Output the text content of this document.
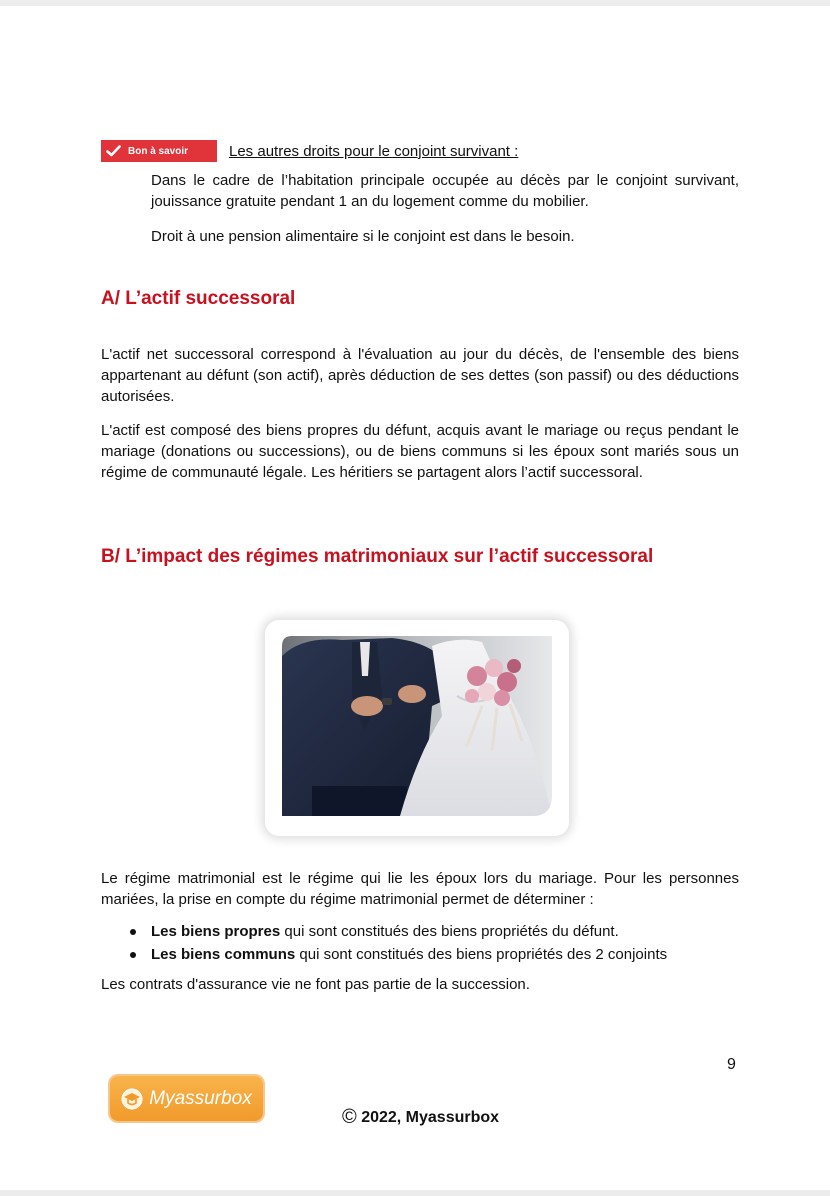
Bon à savoir	Les autres droits pour le conjoint survivant :

Dans le cadre de l’habitation principale occupée au décès par le conjoint survivant, jouissance gratuite pendant 1 an du logement comme du mobilier.

Droit à une pension alimentaire si le conjoint est dans le besoin.

A/ L’actif successoral

L'actif net successoral correspond à l'évaluation au jour du décès, de l'ensemble des biens appartenant au défunt (son actif), après déduction de ses dettes (son passif) ou des déductions autorisées.

L'actif est composé des biens propres du défunt, acquis avant le mariage ou reçus pendant le mariage (donations ou successions), ou de biens communs si les époux sont mariés sous un régime de communauté légale. Les héritiers se partagent alors l’actif successoral.

B/ L’impact des régimes matrimoniaux sur l’actif successoral

Le régime matrimonial est le régime qui lie les époux lors du mariage. Pour les personnes mariées, la prise en compte du régime matrimonial permet de déterminer :

Les biens propres qui sont constitués des biens propriétés du défunt.
Les biens communs qui sont constitués des biens propriétés des 2 conjoints

Les contrats d'assurance vie ne font pas partie de la succession.

9
Myassurbox
© 2022, Myassurbox
